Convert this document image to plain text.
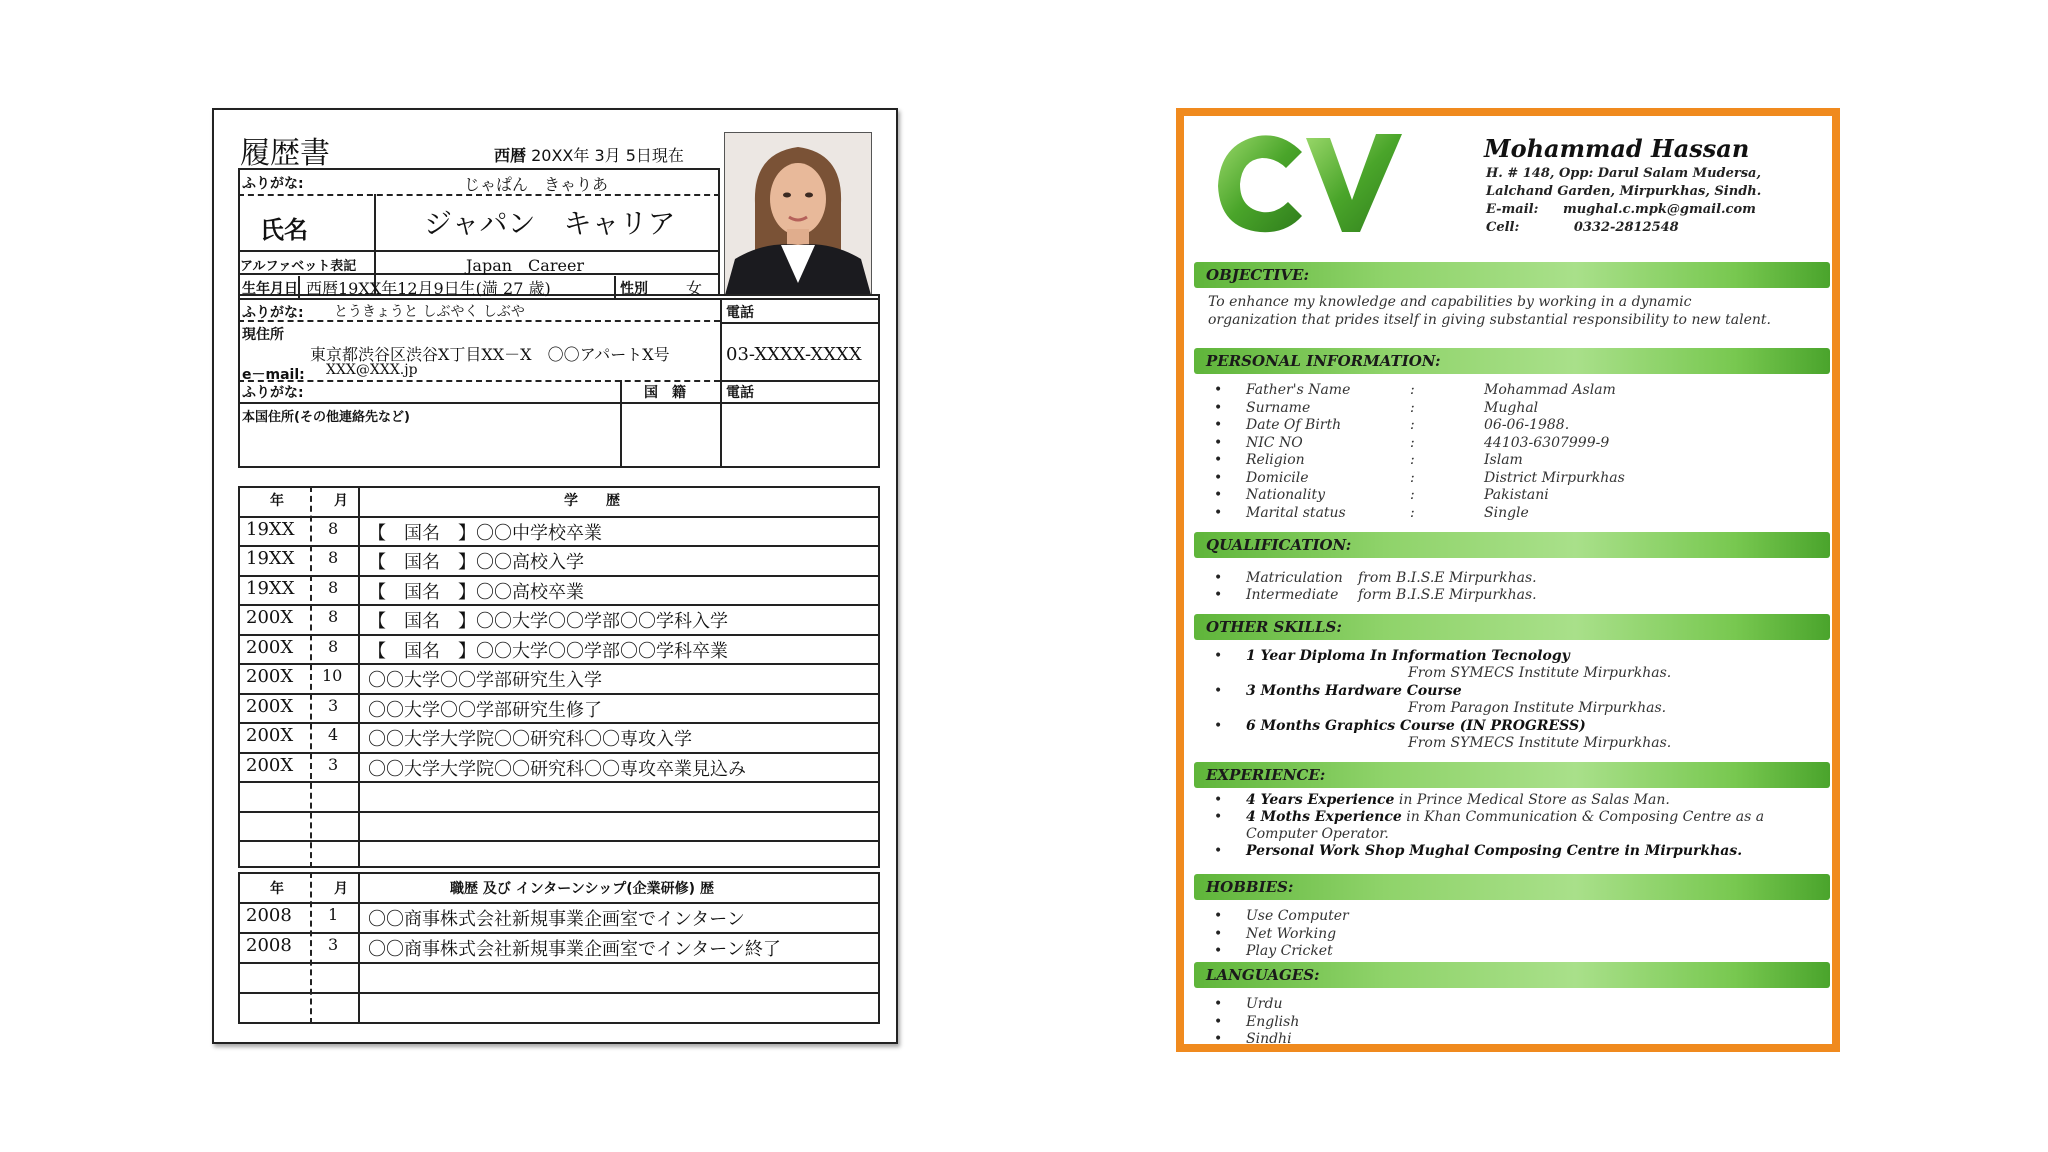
履歴書	西暦 20XX年 3月 5日現在
ふりがな:	じゃぱん　きゃりあ
氏名	ジャパン　キャリア
アルファベット表記	Japan　Career
生年月日 西暦19XX年12月9日生(満 27 歳)	性別 女
ふりがな: とうきょうと しぶやく しぶや	電話
現住所
東京都渋谷区渋谷X丁目XX－X　〇〇アパートX号	03-XXXX-XXXX
e－mail: XXX@XXX.jp
ふりがな:	国　籍	電話
本国住所(その他連絡先など)
年	月	学　　歴
19XX 8 【　国名　】〇〇中学校卒業
19XX 8 【　国名　】〇〇高校入学
19XX 8 【　国名　】〇〇高校卒業
200X 8 【　国名　】〇〇大学〇〇学部〇〇学科入学
200X 8 【　国名　】〇〇大学〇〇学部〇〇学科卒業
200X 10 〇〇大学〇〇学部研究生入学
200X 3 〇〇大学〇〇学部研究生修了
200X 4 〇〇大学大学院〇〇研究科〇〇専攻入学
200X 3 〇〇大学大学院〇〇研究科〇〇専攻卒業見込み
年	月	職歴 及び インターンシップ(企業研修) 歴
2008 1 〇〇商事株式会社新規事業企画室でインターン
2008 3 〇〇商事株式会社新規事業企画室でインターン終了
CV
Mohammad Hassan
H. # 148, Opp: Darul Salam Mudersa,
Lalchand Garden, Mirpurkhas, Sindh.
E-mail: mughal.c.mpk@gmail.com
Cell:	0332-2812548
OBJECTIVE:
To enhance my knowledge and capabilities by working in a dynamic
organization that prides itself in giving substantial responsibility to new talent.
PERSONAL INFORMATION:
• Father's Name	:	Mohammad Aslam
• Surname	:	Mughal
• Date Of Birth	:	06-06-1988.
• NIC NO	:	44103-6307999-9
• Religion	:	Islam
• Domicile	:	District Mirpurkhas
• Nationality	:	Pakistani
• Marital status	:	Single
QUALIFICATION:
• Matriculation from B.I.S.E Mirpurkhas.
• Intermediate form B.I.S.E Mirpurkhas.
OTHER SKILLS:
• 1 Year Diploma In Information Tecnology
From SYMECS Institute Mirpurkhas.
• 3 Months Hardware Course
From Paragon Institute Mirpurkhas.
• 6 Months Graphics Course (IN PROGRESS)
From SYMECS Institute Mirpurkhas.
EXPERIENCE:
• 4 Years Experience in Prince Medical Store as Salas Man.
• 4 Moths Experience in Khan Communication & Composing Centre as a
Computer Operator.
• Personal Work Shop Mughal Composing Centre in Mirpurkhas.
HOBBIES:
• Use Computer
• Net Working
• Play Cricket
LANGUAGES:
• Urdu
• English
• Sindhi
